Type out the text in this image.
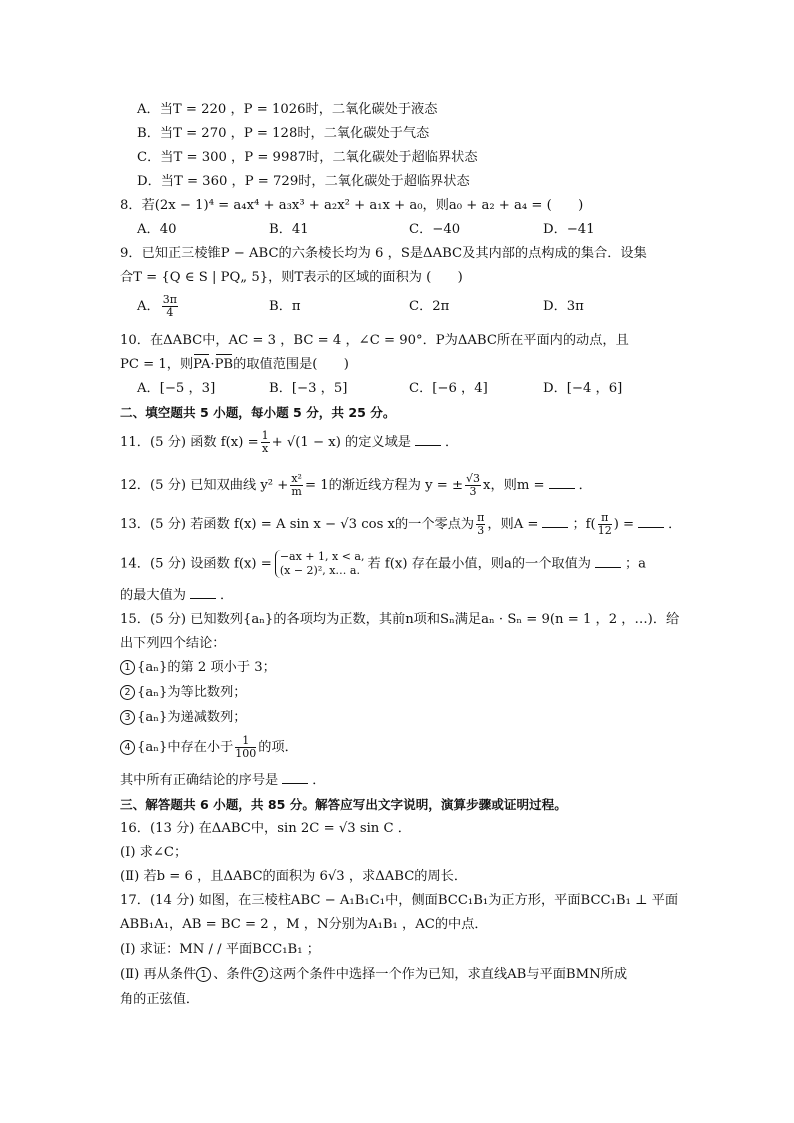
A．当T = 220 ，P = 1026时，二氧化碳处于液态
B．当T = 270 ，P = 128时，二氧化碳处于气态
C．当T = 300 ，P = 9987时，二氧化碳处于超临界状态
D．当T = 360 ，P = 729时，二氧化碳处于超临界状态
8．若(2x − 1)⁴ = a₄x⁴ + a₃x³ + a₂x² + a₁x + a₀，则a₀ + a₂ + a₄ = (　　)
A．40	B．41	C．−40	D．−41
9．已知正三棱锥P − ABC的六条棱长均为 6 ，S是ΔABC及其内部的点构成的集合．设集
合T = {Q ∈ S | PQ„ 5}，则T表示的区域的面积为 (　　)
A． $\frac{3\pi}{4}$	B．π	C．2π	D．3π
10．在ΔABC中，AC = 3 ，BC = 4 ，∠C = 90°．P为ΔABC所在平面内的动点，且
PC = 1，则PA·PB的取值范围是(　　)
A．[−5 ，3]	B．[−3 ，5]	C．[−6 ，4]	D．[−4 ，6]
二、填空题共 5 小题，每小题 5 分，共 25 分。
11．(5 分) 函数 $f(x) = \frac{1}{x} + √(1 - x)$ 的定义域是	．
12．(5 分) 已知双曲线 $y^2 + \frac{\text{x²}}{m} = 1$的渐近线方程为 y = ± $\frac{√3}{3}$ x，则m =	．
13．(5 分) 若函数 f(x) = A sin x − √3 cos x的一个零点为 $\frac{\pi}{3}$ ，则A =	；$f( \frac{\pi}{12}$ ) =	．
14．(5 分) 设函数 f(x) = −ax + 1, x < a,
(x − 2)², x… a. 若 f(x) 存在最小值，则a的一个取值为	；a
的最大值为	．
15．(5 分) 已知数列{aₙ}的各项均为正数，其前n项和Sₙ满足aₙ · Sₙ = 9(n = 1 ，2 ，…)．给
出下列四个结论：
1 {aₙ}的第 2 项小于 3；
2 {aₙ}为等比数列；
3 {aₙ}为递减数列；
4 {aₙ}中存在小于 $\frac{1}{100}$ 的项．
其中所有正确结论的序号是	．
三、解答题共 6 小题，共 85 分。解答应写出文字说明，演算步骤或证明过程。
16．(13 分) 在ΔABC中，sin 2C = √3 sin C ．
(Ⅰ) 求∠C；
(Ⅱ) 若b = 6 ，且ΔABC的面积为 6√3 ，求ΔABC的周长．
17．(14 分) 如图，在三棱柱ABC − A₁B₁C₁中，侧面BCC₁B₁为正方形，平面BCC₁B₁ ⊥ 平面
ABB₁A₁，AB = BC = 2 ，M ，N分别为A₁B₁ ，AC的中点．
(Ⅰ) 求证：MN / / 平面BCC₁B₁ ；
(Ⅱ) 再从条件 1 、条件 2 这两个条件中选择一个作为已知，求直线AB与平面BMN所成
角的正弦值．
